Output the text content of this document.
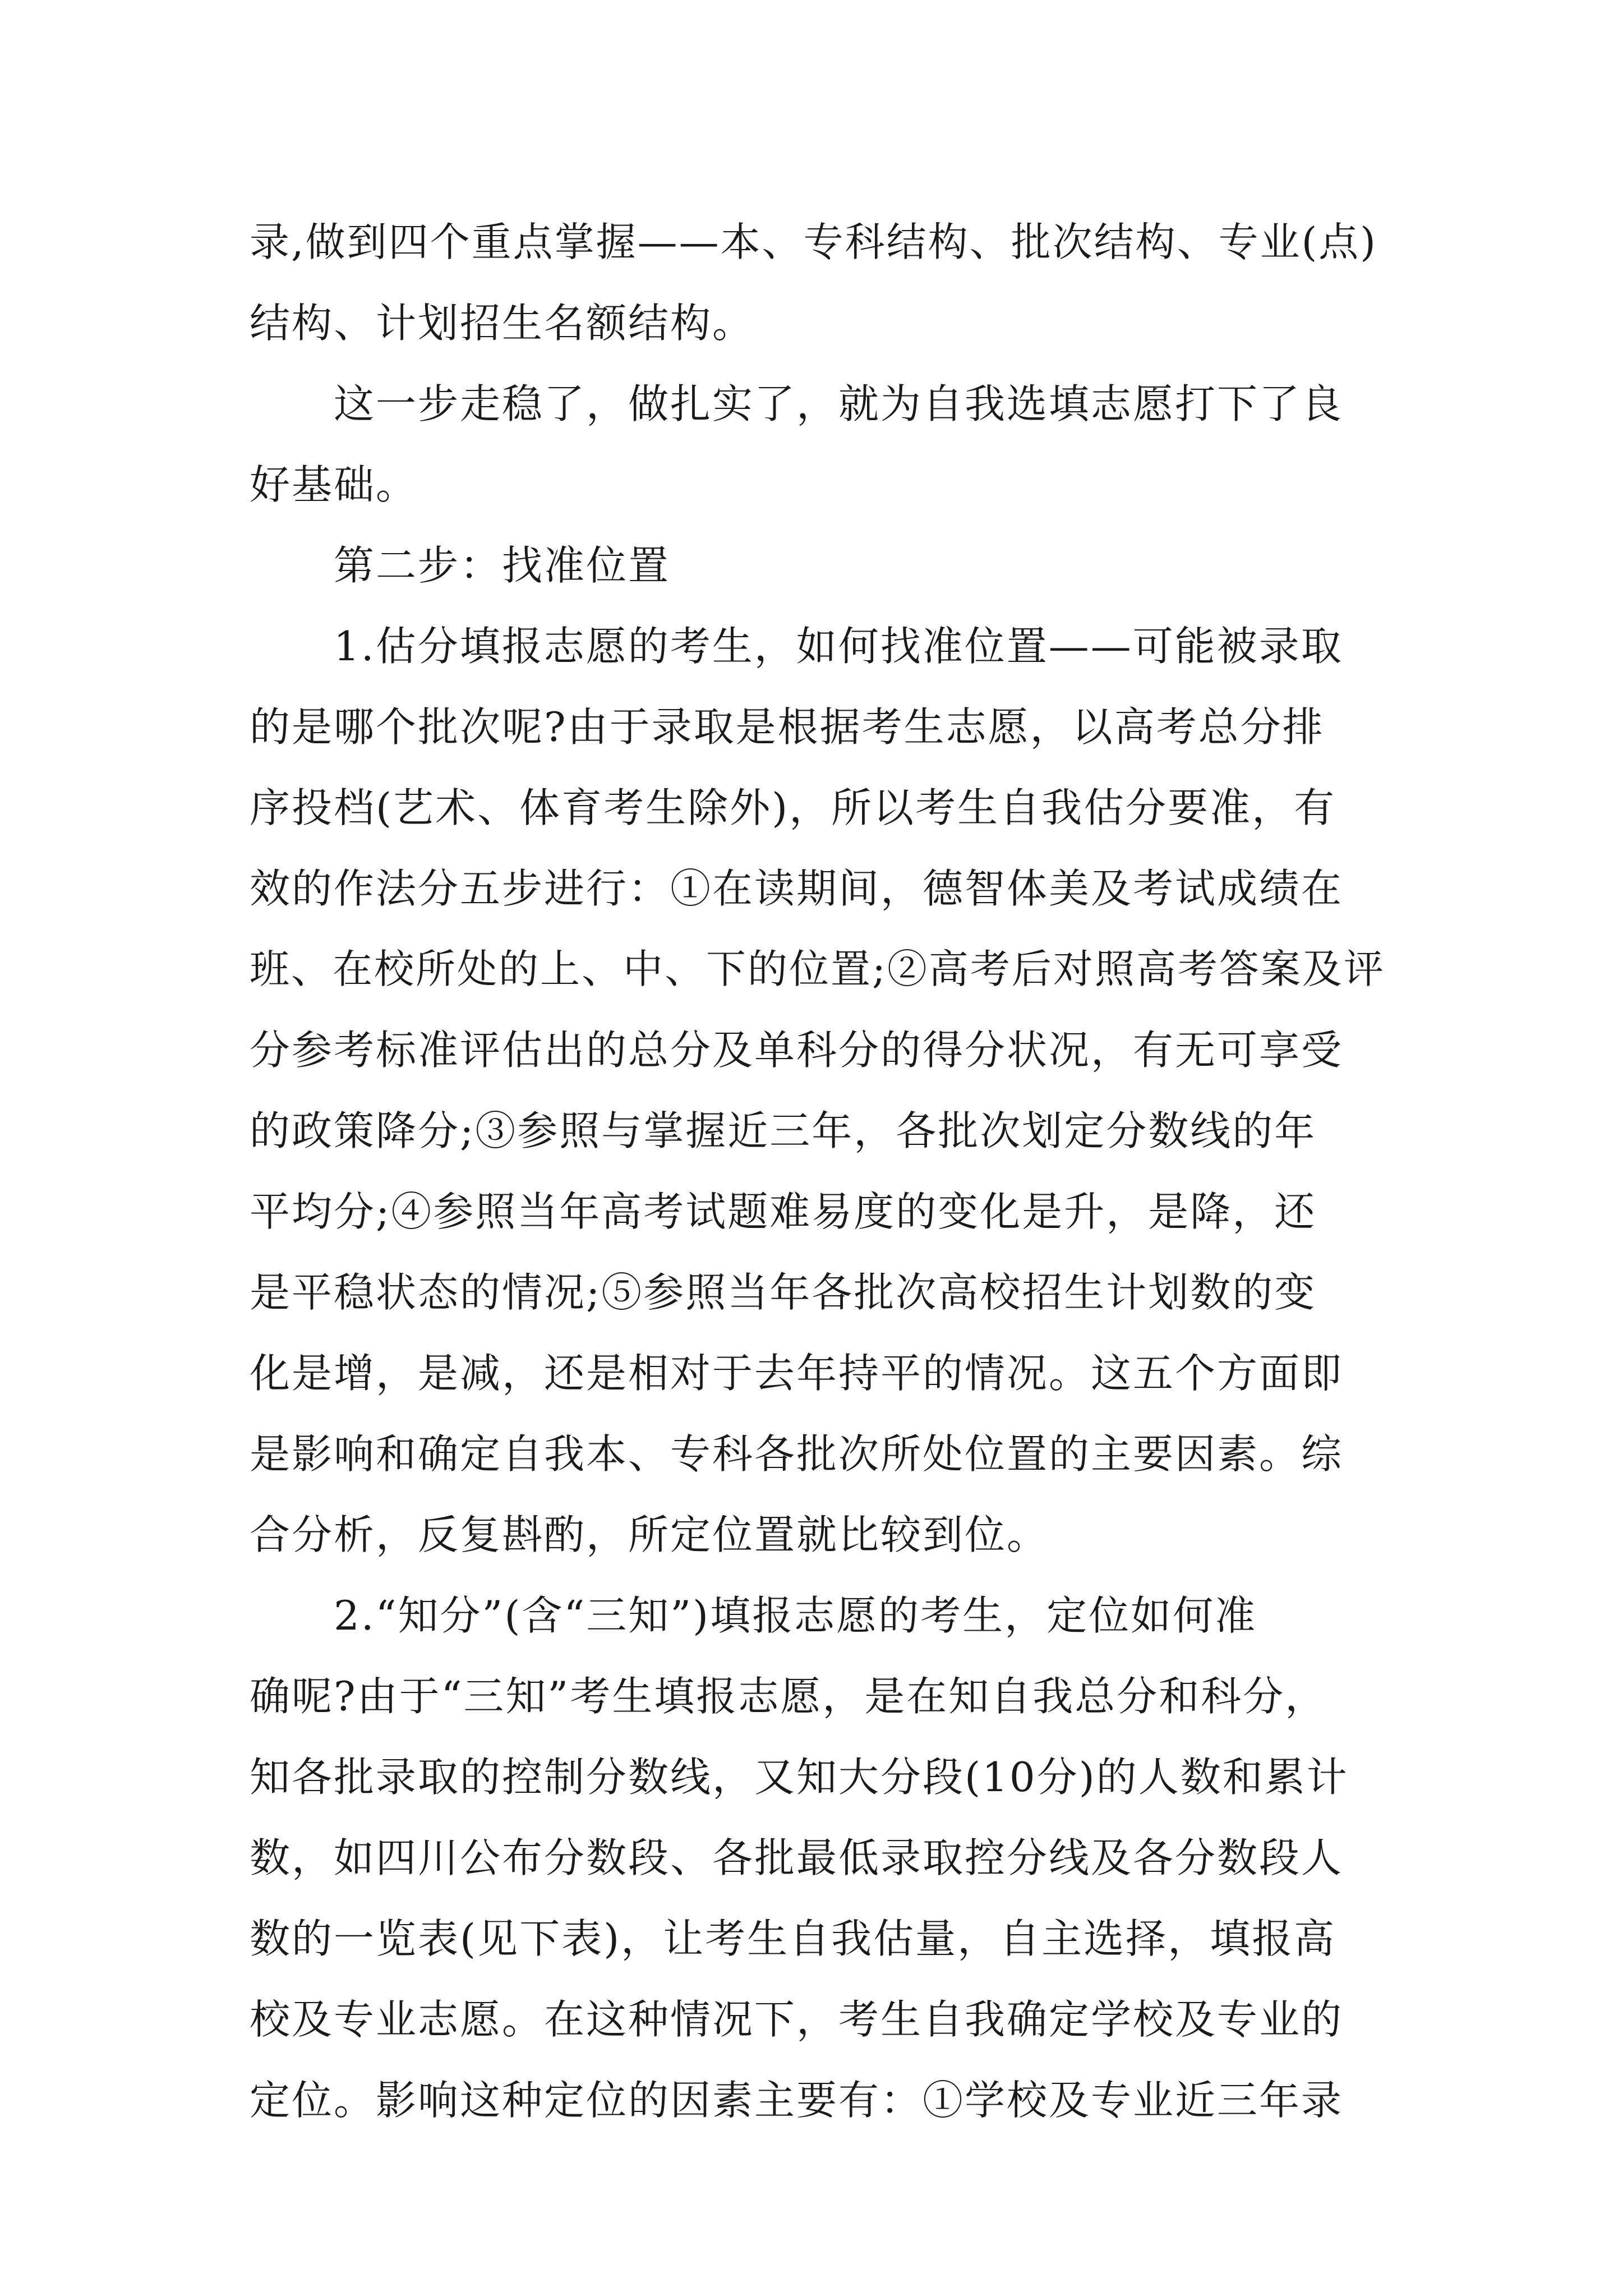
录,做到四个重点掌握——本、专科结构、批次结构、专业(点)
结构、计划招生名额结构。
这一步走稳了，做扎实了，就为自我选填志愿打下了良
好基础。
第二步：找准位置
1.估分填报志愿的考生，如何找准位置——可能被录取
的是哪个批次呢?由于录取是根据考生志愿，以高考总分排
序投档(艺术、体育考生除外)，所以考生自我估分要准，有
效的作法分五步进行：①在读期间，德智体美及考试成绩在
班、在校所处的上、中、下的位置;②高考后对照高考答案及评
分参考标准评估出的总分及单科分的得分状况，有无可享受
的政策降分;③参照与掌握近三年，各批次划定分数线的年
平均分;④参照当年高考试题难易度的变化是升，是降，还
是平稳状态的情况;⑤参照当年各批次高校招生计划数的变
化是增，是减，还是相对于去年持平的情况。这五个方面即
是影响和确定自我本、专科各批次所处位置的主要因素。综
合分析，反复斟酌，所定位置就比较到位。
2.“知分”(含“三知”)填报志愿的考生，定位如何准
确呢?由于“三知”考生填报志愿，是在知自我总分和科分，
知各批录取的控制分数线，又知大分段(10分)的人数和累计
数，如四川公布分数段、各批最低录取控分线及各分数段人
数的一览表(见下表)，让考生自我估量，自主选择，填报高
校及专业志愿。在这种情况下，考生自我确定学校及专业的
定位。影响这种定位的因素主要有：①学校及专业近三年录
